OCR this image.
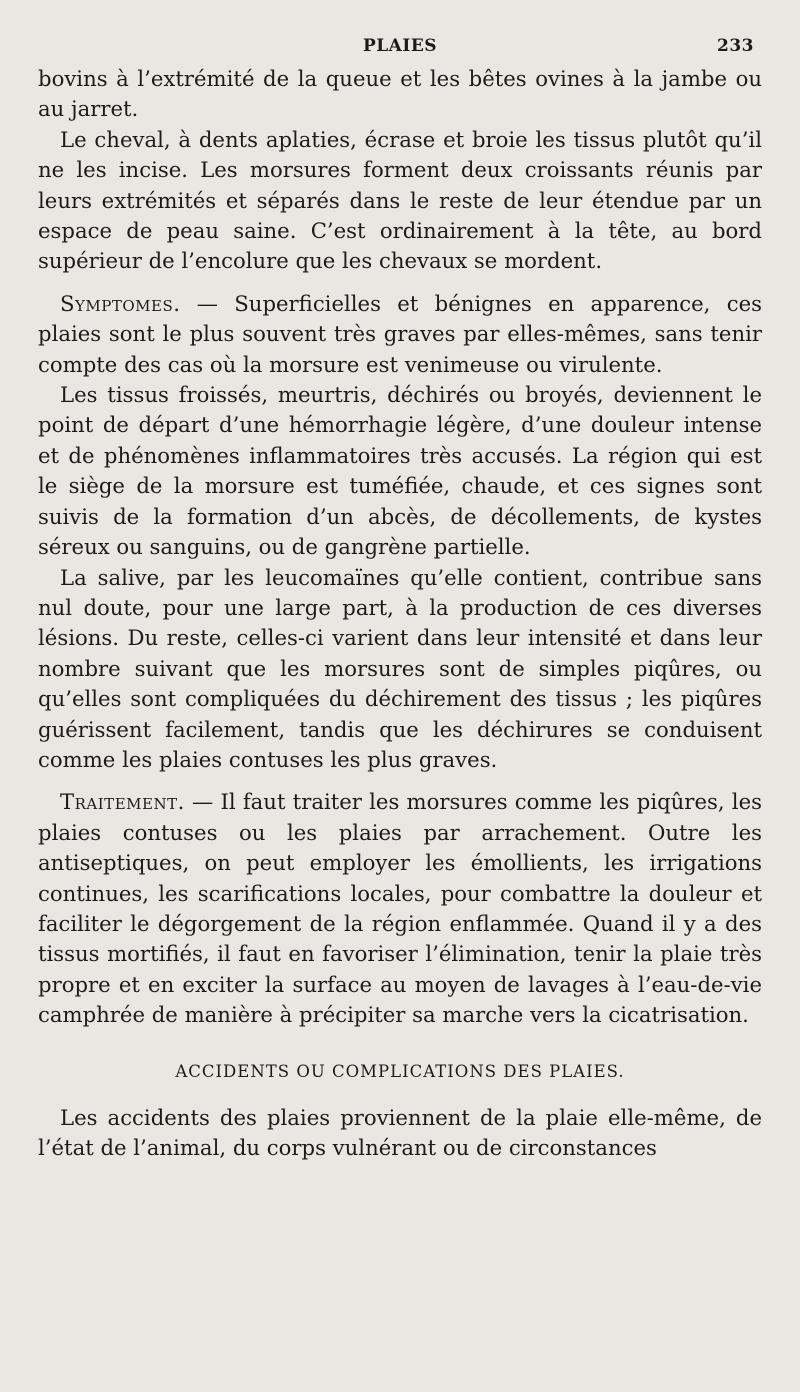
PLAIES	233

bovins à l’extrémité de la queue et les bêtes ovines à la jambe ou au jarret.

Le cheval, à dents aplaties, écrase et broie les tissus plutôt qu’il ne les incise. Les morsures forment deux croissants réunis par leurs extrémités et séparés dans le reste de leur étendue par un espace de peau saine. C’est ordinairement à la tête, au bord supérieur de l’encolure que les chevaux se mordent.

Symptomes. — Superficielles et bénignes en apparence, ces plaies sont le plus souvent très graves par elles-mêmes, sans tenir compte des cas où la morsure est venimeuse ou virulente.

Les tissus froissés, meurtris, déchirés ou broyés, deviennent le point de départ d’une hémorrhagie légère, d’une douleur intense et de phénomènes inflammatoires très accusés. La région qui est le siège de la morsure est tuméfiée, chaude, et ces signes sont suivis de la formation d’un abcès, de décollements, de kystes séreux ou sanguins, ou de gangrène partielle.

La salive, par les leucomaïnes qu’elle contient, contribue sans nul doute, pour une large part, à la production de ces diverses lésions. Du reste, celles-ci varient dans leur intensité et dans leur nombre suivant que les morsures sont de simples piqûres, ou qu’elles sont compliquées du déchirement des tissus ; les piqûres guérissent facilement, tandis que les déchirures se conduisent comme les plaies contuses les plus graves.

Traitement. — Il faut traiter les morsures comme les piqûres, les plaies contuses ou les plaies par arrachement. Outre les antiseptiques, on peut employer les émollients, les irrigations continues, les scarifications locales, pour combattre la douleur et faciliter le dégorgement de la région enflammée. Quand il y a des tissus mortifiés, il faut en favoriser l’élimination, tenir la plaie très propre et en exciter la surface au moyen de lavages à l’eau-de-vie camphrée de manière à précipiter sa marche vers la cicatrisation.

ACCIDENTS OU COMPLICATIONS DES PLAIES.

Les accidents des plaies proviennent de la plaie elle-même, de l’état de l’animal, du corps vulnérant ou de circonstances
